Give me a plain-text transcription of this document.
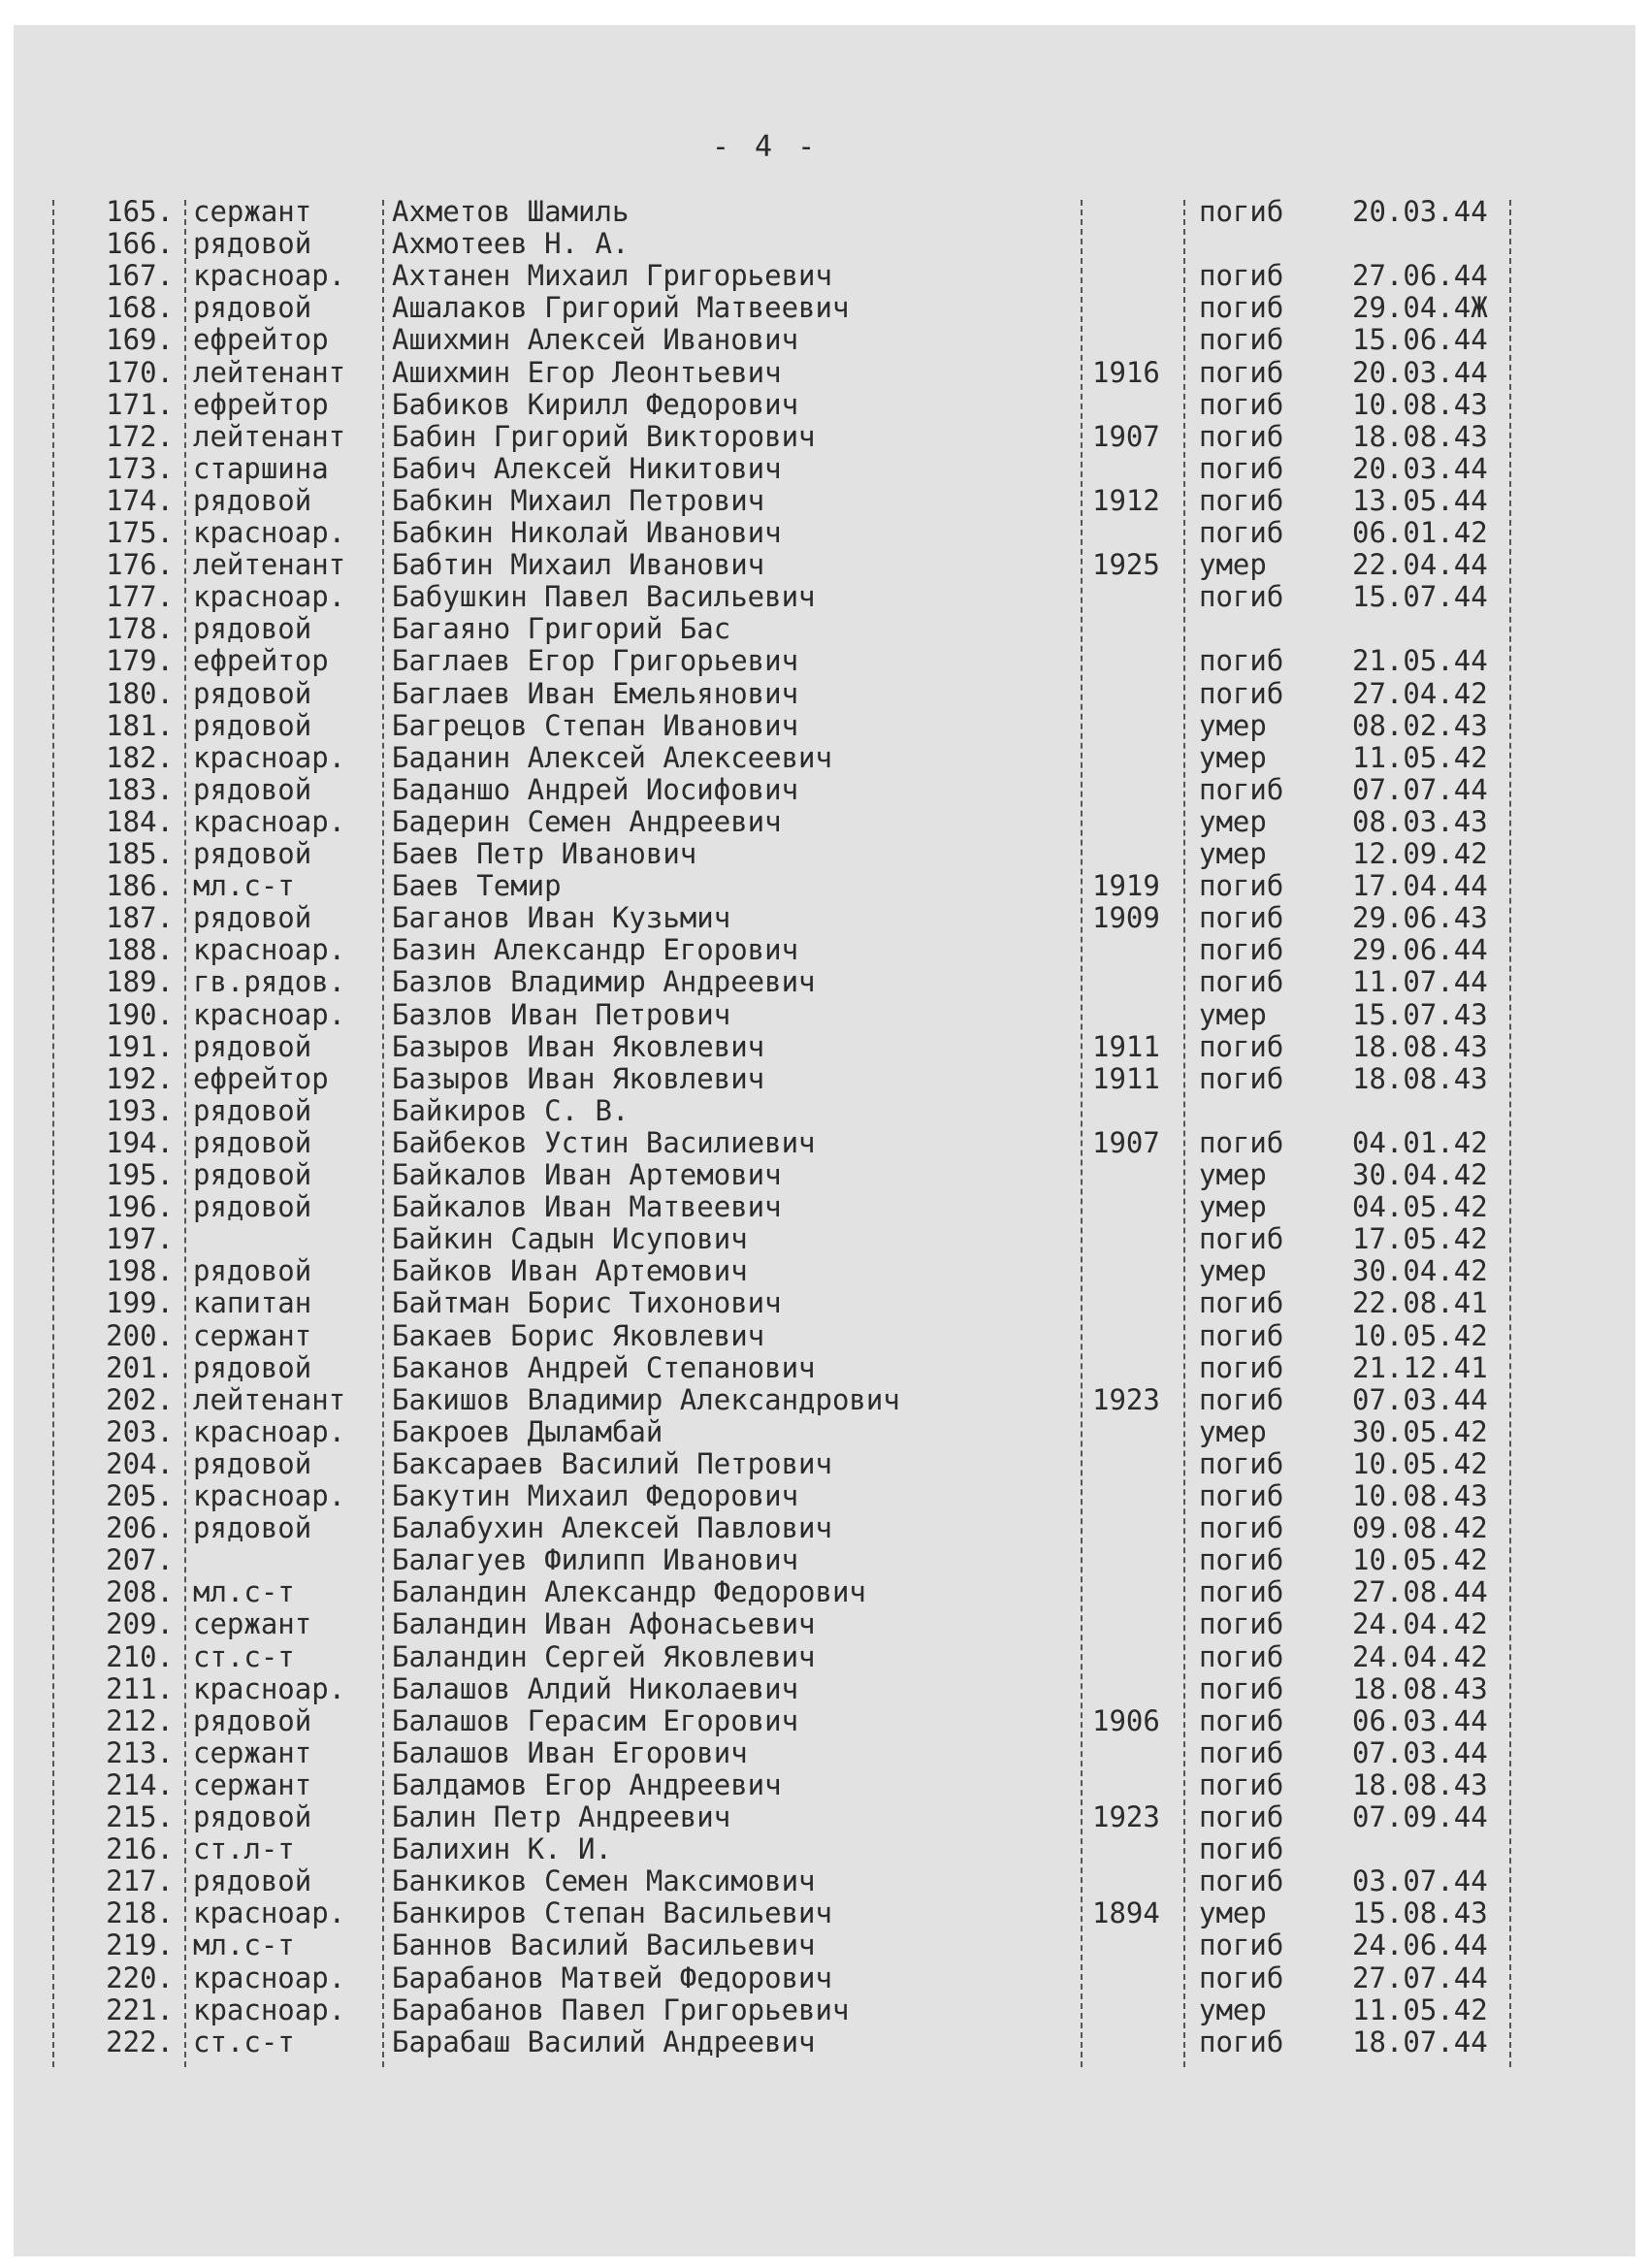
- 4 -
165. сержант	Ахметов Шамиль	погиб 20.03.44
166. рядовой	Ахмотеев Н. А.
167. красноар. Ахтанен Михаил Григорьевич	погиб 27.06.44
168. рядовой	Ашалаков Григорий Матвеевич	погиб 29.04.4Ж
169. ефрейтор Ашихмин Алексей Иванович	погиб 15.06.44
170. лейтенант Ашихмин Егор Леонтьевич	1916 погиб 20.03.44
171. ефрейтор Бабиков Кирилл Федорович	погиб 10.08.43
172. лейтенант Бабин Григорий Викторович	1907 погиб 18.08.43
173. старшина Бабич Алексей Никитович	погиб 20.03.44
174. рядовой	Бабкин Михаил Петрович	1912 погиб 13.05.44
175. красноар. Бабкин Николай Иванович	погиб 06.01.42
176. лейтенант Бабтин Михаил Иванович	1925 умер	22.04.44
177. красноар. Бабушкин Павел Васильевич	погиб 15.07.44
178. рядовой	Багаяно Григорий Бас
179. ефрейтор Баглаев Егор Григорьевич	погиб 21.05.44
180. рядовой	Баглаев Иван Емельянович	погиб 27.04.42
181. рядовой	Багрецов Степан Иванович	умер	08.02.43
182. красноар. Баданин Алексей Алексеевич	умер	11.05.42
183. рядовой	Баданшо Андрей Иосифович	погиб 07.07.44
184. красноар. Бадерин Семен Андреевич	умер	08.03.43
185. рядовой	Баев Петр Иванович	умер	12.09.42
186. мл.с-т	Баев Темир	1919 погиб 17.04.44
187. рядовой	Баганов Иван Кузьмич	1909 погиб 29.06.43
188. красноар. Базин Александр Егорович	погиб 29.06.44
189. гв.рядов. Базлов Владимир Андреевич	погиб 11.07.44
190. красноар. Базлов Иван Петрович	умер	15.07.43
191. рядовой	Базыров Иван Яковлевич	1911 погиб 18.08.43
192. ефрейтор Базыров Иван Яковлевич	1911 погиб 18.08.43
193. рядовой	Байкиров С. В.
194. рядовой	Байбеков Устин Василиевич	1907 погиб 04.01.42
195. рядовой	Байкалов Иван Артемович	умер	30.04.42
196. рядовой	Байкалов Иван Матвеевич	умер	04.05.42
197.	Байкин Садын Исупович	погиб 17.05.42
198. рядовой	Байков Иван Артемович	умер	30.04.42
199. капитан	Байтман Борис Тихонович	погиб 22.08.41
200. сержант	Бакаев Борис Яковлевич	погиб 10.05.42
201. рядовой	Баканов Андрей Степанович	погиб 21.12.41
202. лейтенант Бакишов Владимир Александрович	1923 погиб 07.03.44
203. красноар. Бакроев Дыламбай	умер	30.05.42
204. рядовой	Баксараев Василий Петрович	погиб 10.05.42
205. красноар. Бакутин Михаил Федорович	погиб 10.08.43
206. рядовой	Балабухин Алексей Павлович	погиб 09.08.42
207.	Балагуев Филипп Иванович	погиб 10.05.42
208. мл.с-т	Баландин Александр Федорович	погиб 27.08.44
209. сержант	Баландин Иван Афонасьевич	погиб 24.04.42
210. ст.с-т	Баландин Сергей Яковлевич	погиб 24.04.42
211. красноар. Балашов Алдий Николаевич	погиб 18.08.43
212. рядовой	Балашов Герасим Егорович	1906 погиб 06.03.44
213. сержант	Балашов Иван Егорович	погиб 07.03.44
214. сержант	Балдамов Егор Андреевич	погиб 18.08.43
215. рядовой	Балин Петр Андреевич	1923 погиб 07.09.44
216. ст.л-т	Балихин К. И.	погиб
217. рядовой	Банкиков Семен Максимович	погиб 03.07.44
218. красноар. Банкиров Степан Васильевич	1894 умер	15.08.43
219. мл.с-т	Баннов Василий Васильевич	погиб 24.06.44
220. красноар. Барабанов Матвей Федорович	погиб 27.07.44
221. красноар. Барабанов Павел Григорьевич	умер	11.05.42
222. ст.с-т	Барабаш Василий Андреевич	погиб 18.07.44
